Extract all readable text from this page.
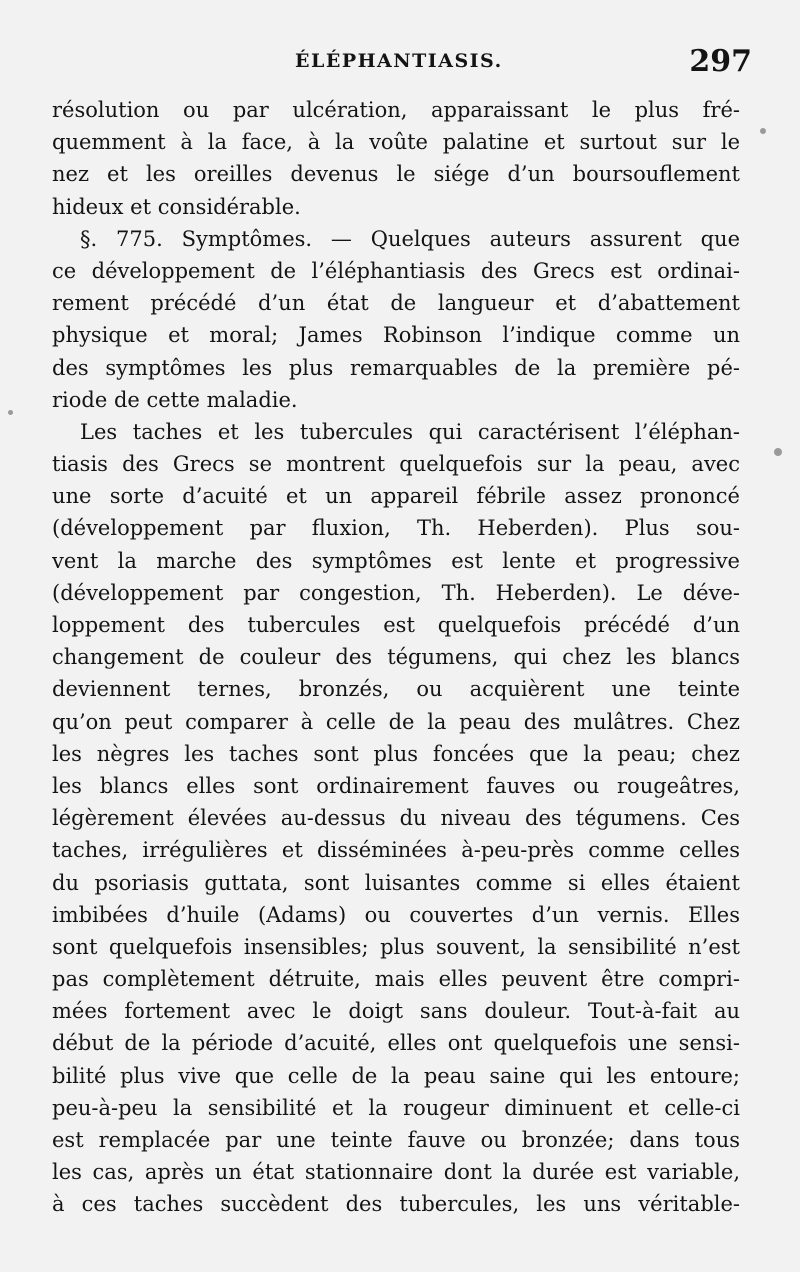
ÉLÉPHANTIASIS.	297
résolution ou par ulcération, apparaissant le plus fré-
quemment à la face, à la voûte palatine et surtout sur le
nez et les oreilles devenus le siége d’un boursouflement
hideux et considérable.
§. 775. Symptômes. — Quelques auteurs assurent que
ce développement de l’éléphantiasis des Grecs est ordinai-
rement précédé d’un état de langueur et d’abattement
physique et moral; James Robinson l’indique comme un
des symptômes les plus remarquables de la première pé-
riode de cette maladie.
Les taches et les tubercules qui caractérisent l’éléphan-
tiasis des Grecs se montrent quelquefois sur la peau, avec
une sorte d’acuité et un appareil fébrile assez prononcé
(développement par fluxion, Th. Heberden). Plus sou-
vent la marche des symptômes est lente et progressive
(développement par congestion, Th. Heberden). Le déve-
loppement des tubercules est quelquefois précédé d’un
changement de couleur des tégumens, qui chez les blancs
deviennent ternes, bronzés, ou acquièrent une teinte
qu’on peut comparer à celle de la peau des mulâtres. Chez
les nègres les taches sont plus foncées que la peau; chez
les blancs elles sont ordinairement fauves ou rougeâtres,
légèrement élevées au-dessus du niveau des tégumens. Ces
taches, irrégulières et disséminées à-peu-près comme celles
du psoriasis guttata, sont luisantes comme si elles étaient
imbibées d’huile (Adams) ou couvertes d’un vernis. Elles
sont quelquefois insensibles; plus souvent, la sensibilité n’est
pas complètement détruite, mais elles peuvent être compri-
mées fortement avec le doigt sans douleur. Tout-à-fait au
début de la période d’acuité, elles ont quelquefois une sensi-
bilité plus vive que celle de la peau saine qui les entoure;
peu-à-peu la sensibilité et la rougeur diminuent et celle-ci
est remplacée par une teinte fauve ou bronzée; dans tous
les cas, après un état stationnaire dont la durée est variable,
à ces taches succèdent des tubercules, les uns véritable-
